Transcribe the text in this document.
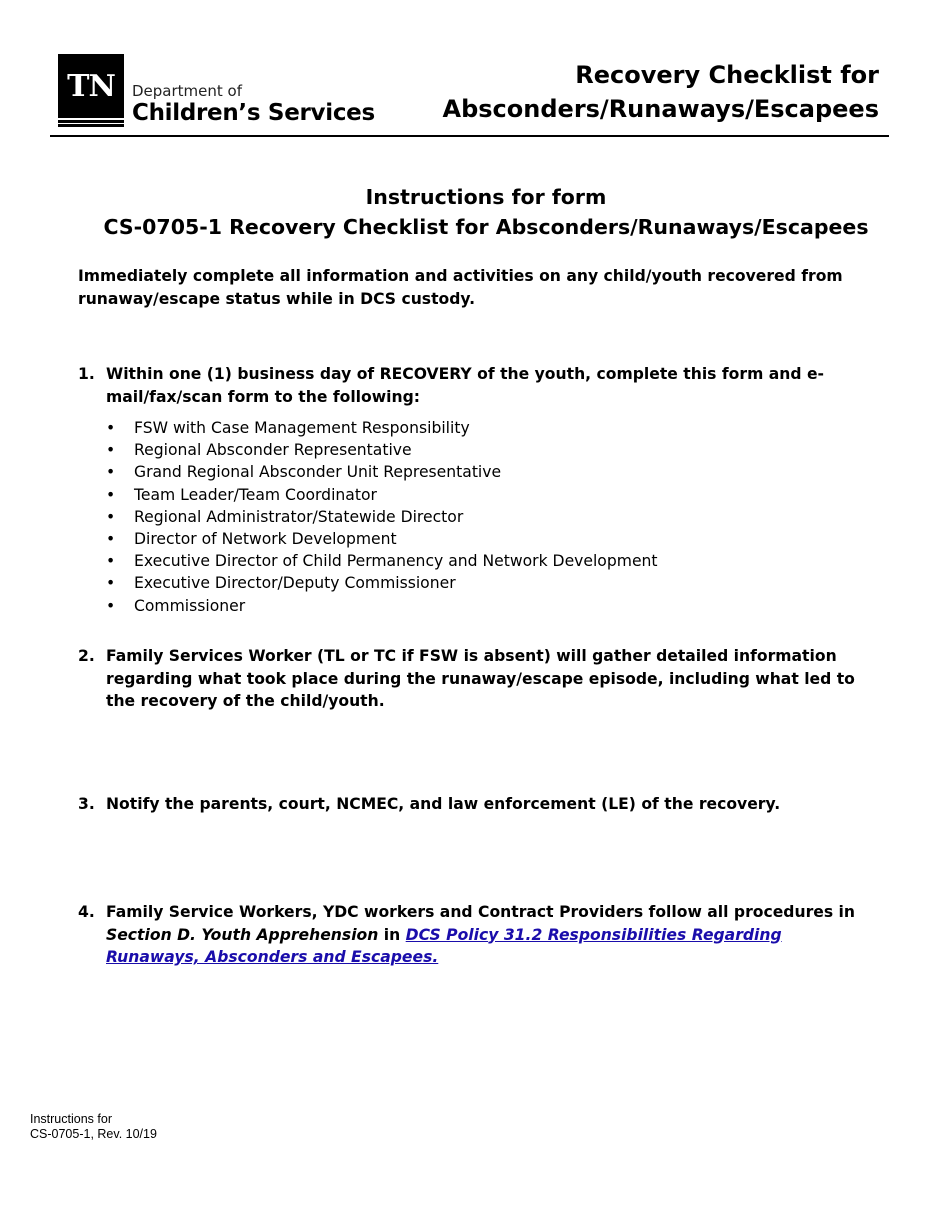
TN	Department of
Children’s Services
Recovery Checklist for
Absconders/Runaways/Escapees
Instructions for form
CS-0705-1 Recovery Checklist for Absconders/Runaways/Escapees
Immediately complete all information and activities on any child/youth recovered from runaway/escape status while in DCS custody.
1. Within one (1) business day of RECOVERY of the youth, complete this form and e-mail/fax/scan form to the following:
• FSW with Case Management Responsibility
• Regional Absconder Representative
• Grand Regional Absconder Unit Representative
• Team Leader/Team Coordinator
• Regional Administrator/Statewide Director
• Director of Network Development
• Executive Director of Child Permanency and Network Development
• Executive Director/Deputy Commissioner
• Commissioner
2. Family Services Worker (TL or TC if FSW is absent) will gather detailed information regarding what took place during the runaway/escape episode, including what led to the recovery of the child/youth.
3. Notify the parents, court, NCMEC, and law enforcement (LE) of the recovery.
4. Family Service Workers, YDC workers and Contract Providers follow all procedures in Section D. Youth Apprehension in DCS Policy 31.2 Responsibilities Regarding Runaways, Absconders and Escapees.
Instructions for
CS-0705-1, Rev. 10/19
